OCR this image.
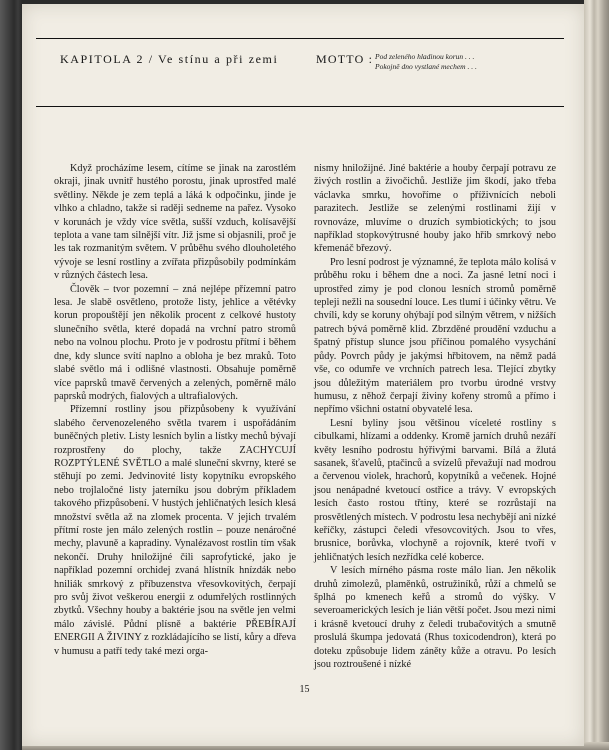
KAPITOLA 2 / Ve stínu a při zemi	MOTTO : Pod zeleného hladinou korun . . .
Pokojně dno vystlané mechem . . .

Když procházíme lesem, cítíme se jinak na zarostlém okraji, jinak uvnitř hustého porostu, jinak uprostřed malé světliny. Někde je zem teplá a láká k odpočinku, jinde je vlhko a chladno, takže si raději sedneme na pařez. Vysoko v korunách je vždy více světla, sušší vzduch, kolísavější teplota a vane tam silnější vítr. Již jsme si objasnili, proč je les tak rozmanitým světem. V průběhu svého dlouholetého vývoje se lesní rostliny a zvířata přizpůsobily podmínkám v různých částech lesa.

Člověk – tvor pozemní – zná nejlépe přízemní patro lesa. Je slabě osvětleno, protože listy, jehlice a větévky korun propouštějí jen několik procent z celkové hustoty slunečního světla, které dopadá na vrchní patro stromů nebo na volnou plochu. Proto je v podrostu přítmí i během dne, kdy slunce svítí naplno a obloha je bez mraků. Toto slabé světlo má i odlišné vlastnosti. Obsahuje poměrně více paprsků tmavě červených a zelených, poměrně málo paprsků modrých, fialových a ultrafialových.

Přízemní rostliny jsou přizpůsobeny k využívání slabého červenozeleného světla tvarem i uspořádáním buněčných pletiv. Listy lesních bylin a lístky mechů bývají rozprostřeny do plochy, takže ZACHYCUJÍ ROZPTÝLENÉ SVĚTLO a malé sluneční skvrny, které se stěhují po zemi. Jedvinovité listy kopytníku evropského nebo trojlaločné listy jaterníku jsou dobrým příkladem takového přizpůsobení. V hustých jehličnatých lesích klesá množství světla až na zlomek procenta. V jejich trvalém přítmí roste jen málo zelených rostlin – pouze nenáročné mechy, plavuně a kapradiny. Vynalézavost rostlin tím však nekončí. Druhy hniložijné čili saprofytické, jako je například pozemní orchidej zvaná hlístník hnízdák nebo hniliák smrkový z příbuzenstva vřesovkovitých, čerpají pro svůj život veškerou energii z odumřelých rostlinných zbytků. Všechny houby a baktérie jsou na světle jen velmi málo závislé. Půdní plísně a baktérie PŘEBÍRAJÍ ENERGII A ŽIVINY z rozkládajícího se listí, kůry a dřeva v humusu a patří tedy také mezi orga-

nismy hniložijné. Jiné baktérie a houby čerpají potravu ze živých rostlin a živočichů. Jestliže jim škodí, jako třeba václavka smrku, hovoříme o příživnících neboli parazitech. Jestliže se zelenými rostlinami žijí v rovnováze, mluvíme o druzích symbiotických; to jsou například stopkovýtrusné houby jako hřib smrkový nebo křemenáč březový.

Pro lesní podrost je významné, že teplota málo kolísá v průběhu roku i během dne a noci. Za jasné letní noci i uprostřed zimy je pod clonou lesních stromů poměrně tepleji nežli na sousední louce. Les tlumí i účinky větru. Ve chvíli, kdy se koruny ohýbají pod silným větrem, v nižších patrech bývá poměrně klid. Zbrzděné proudění vzduchu a špatný přístup slunce jsou příčinou pomalého vysychání půdy. Povrch půdy je jakýmsi hřbitovem, na němž padá vše, co odumře ve vrchních patrech lesa. Tlející zbytky jsou důležitým materiálem pro tvorbu úrodné vrstvy humusu, z něhož čerpají živiny kořeny stromů a přímo i nepřímo všichni ostatní obyvatelé lesa.

Lesní byliny jsou většinou víceleté rostliny s cibulkami, hlízami a oddenky. Kromě jarních druhů nezáří květy lesního podrostu hýřivými barvami. Bílá a žlutá sasanek, šťavelů, ptačinců a svízelů převažují nad modrou a červenou violek, hrachorů, kopytníků a večenek. Hojné jsou nenápadné kvetoucí ostřice a trávy. V evropských lesích často rostou třtiny, které se rozrůstají na prosvětlených místech. V podrostu lesa nechybějí ani nízké keříčky, zástupci čeledi vřesovcovitých. Jsou to vřes, brusnice, borůvka, vlochyně a rojovník, které tvoří v jehličnatých lesích nezřídka celé koberce.

V lesích mírného pásma roste málo lian. Jen několik druhů zimolezů, plaměnků, ostružiníků, růží a chmelů se šplhá po kmenech keřů a stromů do výšky. V severoamerických lesích je lián větší počet. Jsou mezi nimi i krásně kvetoucí druhy z čeledi trubačovitých a smutně proslulá škumpa jedovatá (Rhus toxicodendron), která po doteku způsobuje lidem záněty kůže a otravu. Po lesích jsou roztroušené i nízké

15
